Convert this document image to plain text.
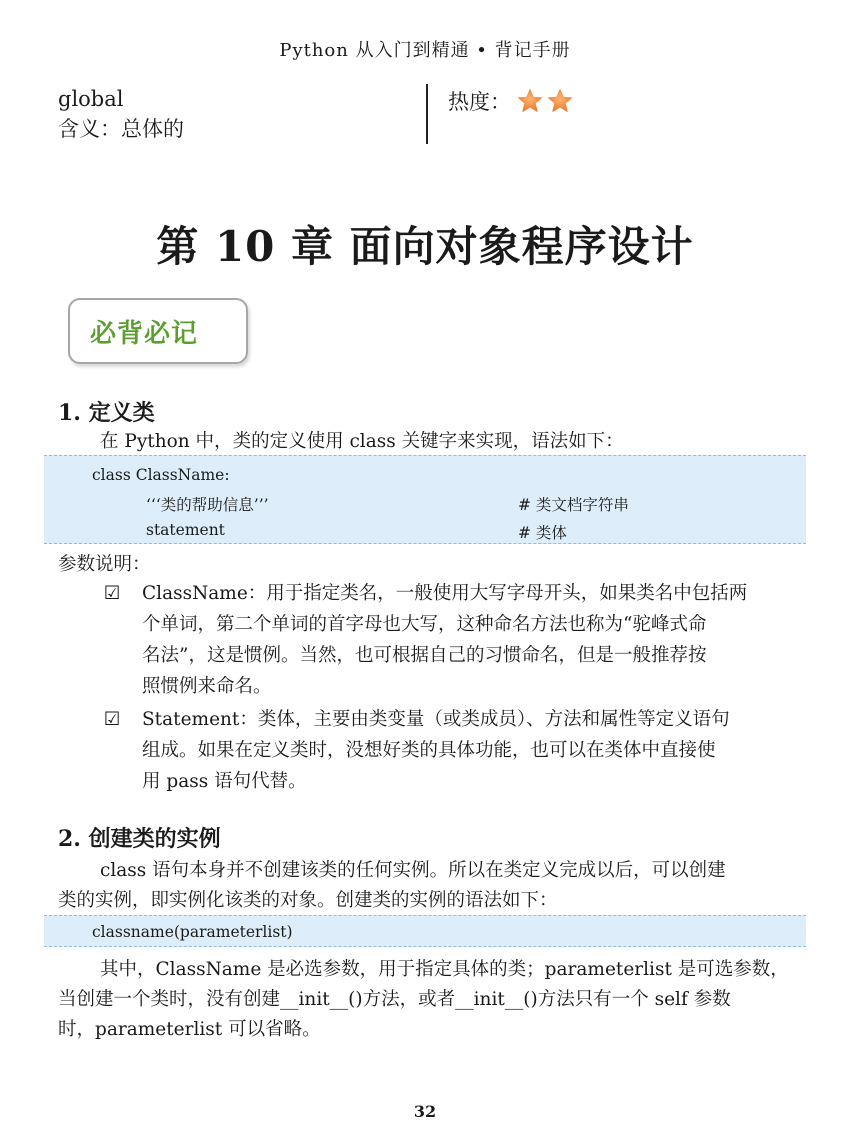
Python 从入门到精通 • 背记手册
global
含义：总体的
热度：
第 10 章 面向对象程序设计
必背必记
1. 定义类
在 Python 中，类的定义使用 class 关键字来实现，语法如下：
class ClassName:
‘‘‘类的帮助信息’’’	# 类文档字符串
statement	# 类体
参数说明：
☑ ClassName：用于指定类名，一般使用大写字母开头，如果类名中包括两
个单词，第二个单词的首字母也大写，这种命名方法也称为“驼峰式命
名法”，这是惯例。当然，也可根据自己的习惯命名，但是一般推荐按
照惯例来命名。
☑ Statement：类体，主要由类变量（或类成员）、方法和属性等定义语句
组成。如果在定义类时，没想好类的具体功能，也可以在类体中直接使
用 pass 语句代替。
2. 创建类的实例
class 语句本身并不创建该类的任何实例。所以在类定义完成以后，可以创建
类的实例，即实例化该类的对象。创建类的实例的语法如下：
classname(parameterlist)
其中，ClassName 是必选参数，用于指定具体的类；parameterlist 是可选参数，
当创建一个类时，没有创建__init__()方法，或者__init__()方法只有一个 self 参数
时，parameterlist 可以省略。
32
